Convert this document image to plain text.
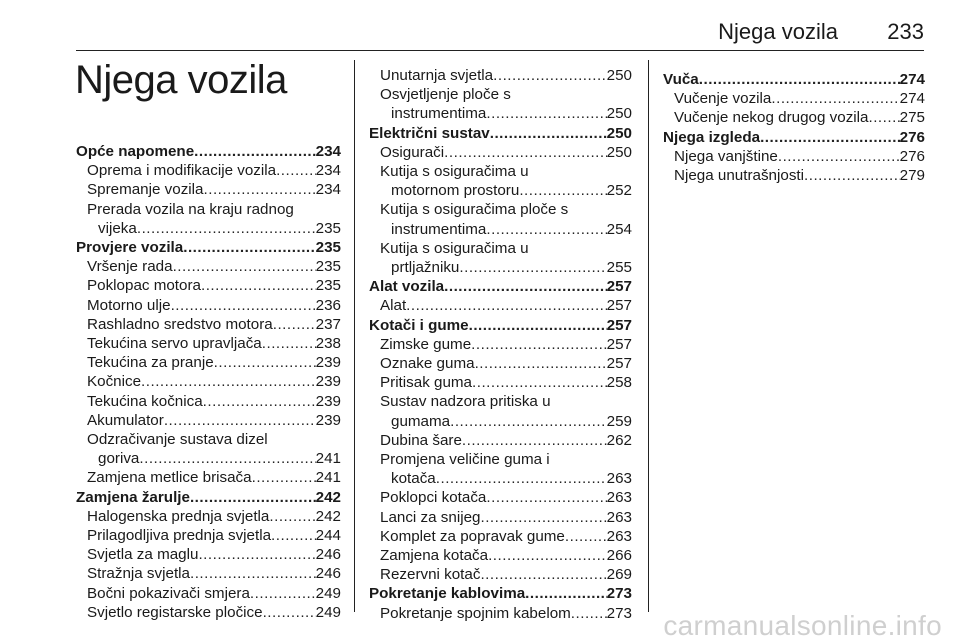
Njega vozila 233
Njega vozila
Opće napomene .....	234
Oprema i modifikacije vozila .....	234
Spremanje vozila .....	234
Prerada vozila na kraju radnog
vijeka .....	235
Provjere vozila .....	235
Vršenje rada .....	235
Poklopac motora .....	235
Motorno ulje .....	236
Rashladno sredstvo motora .....	237
Tekućina servo upravljača .....	238
Tekućina za pranje .....	239
Kočnice .....	239
Tekućina kočnica .....	239
Akumulator .....	239
Odzračivanje sustava dizel
goriva .....	241
Zamjena metlice brisača .....	241
Zamjena žarulje .....	242
Halogenska prednja svjetla .....	242
Prilagodljiva prednja svjetla .....	244
Svjetla za maglu .....	246
Stražnja svjetla .....	246
Bočni pokazivači smjera .....	249
Svjetlo registarske pločice .....	249
Unutarnja svjetla .....	250
Osvjetljenje ploče s
instrumentima .....	250
Električni sustav .....	250
Osigurači .....	250
Kutija s osiguračima u
motornom prostoru .....	252
Kutija s osiguračima ploče s
instrumentima .....	254
Kutija s osiguračima u
prtljažniku .....	255
Alat vozila .....	257
Alat .....	257
Kotači i gume .....	257
Zimske gume .....	257
Oznake guma .....	257
Pritisak guma .....	258
Sustav nadzora pritiska u
gumama .....	259
Dubina šare .....	262
Promjena veličine guma i
kotača .....	263
Poklopci kotača .....	263
Lanci za snijeg .....	263
Komplet za popravak gume .....	263
Zamjena kotača .....	266
Rezervni kotač .....	269
Pokretanje kablovima .....	273
Pokretanje spojnim kabelom ..... 273
Vuča .....	274
Vučenje vozila .....	274
Vučenje nekog drugog vozila ..... 275
Njega izgleda .....	276
Njega vanjštine .....	276
Njega unutrašnjosti .....	279
carmanualsonline.info
